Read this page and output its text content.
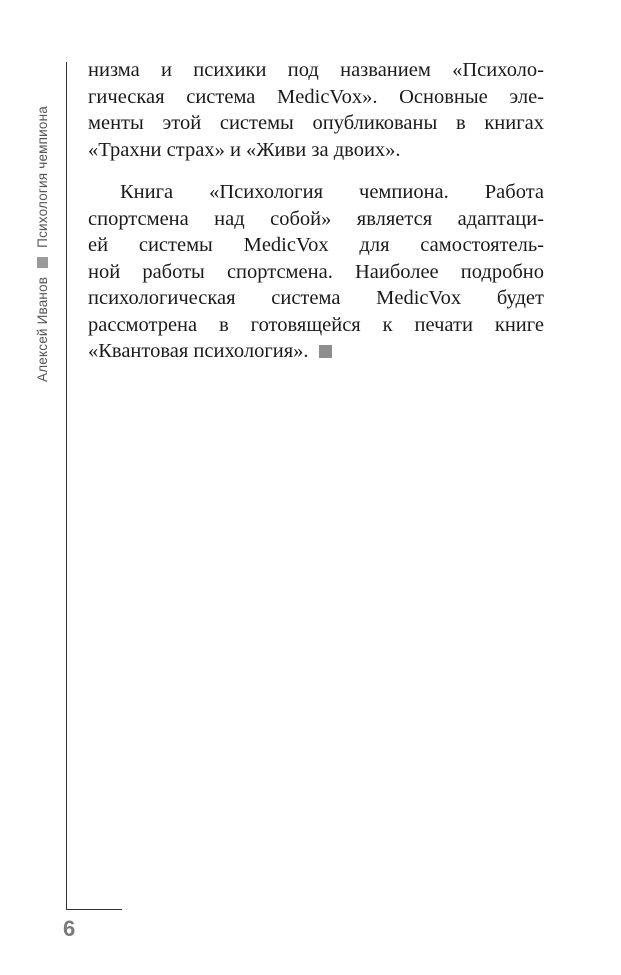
Алексей Иванов
Психология чемпиона
6
низма и психики под названием «Психоло-
гическая система MedicVox». Основные эле-
менты этой системы опубликованы в книгах
«Трахни страх» и «Живи за двоих».
Книга «Психология чемпиона. Работа
спортсмена над собой» является адаптаци-
ей системы MedicVox для самостоятель-
ной работы спортсмена. Наиболее подробно
психологическая система MedicVox будет
рассмотрена в готовящейся к печати книге
«Квантовая психология».
